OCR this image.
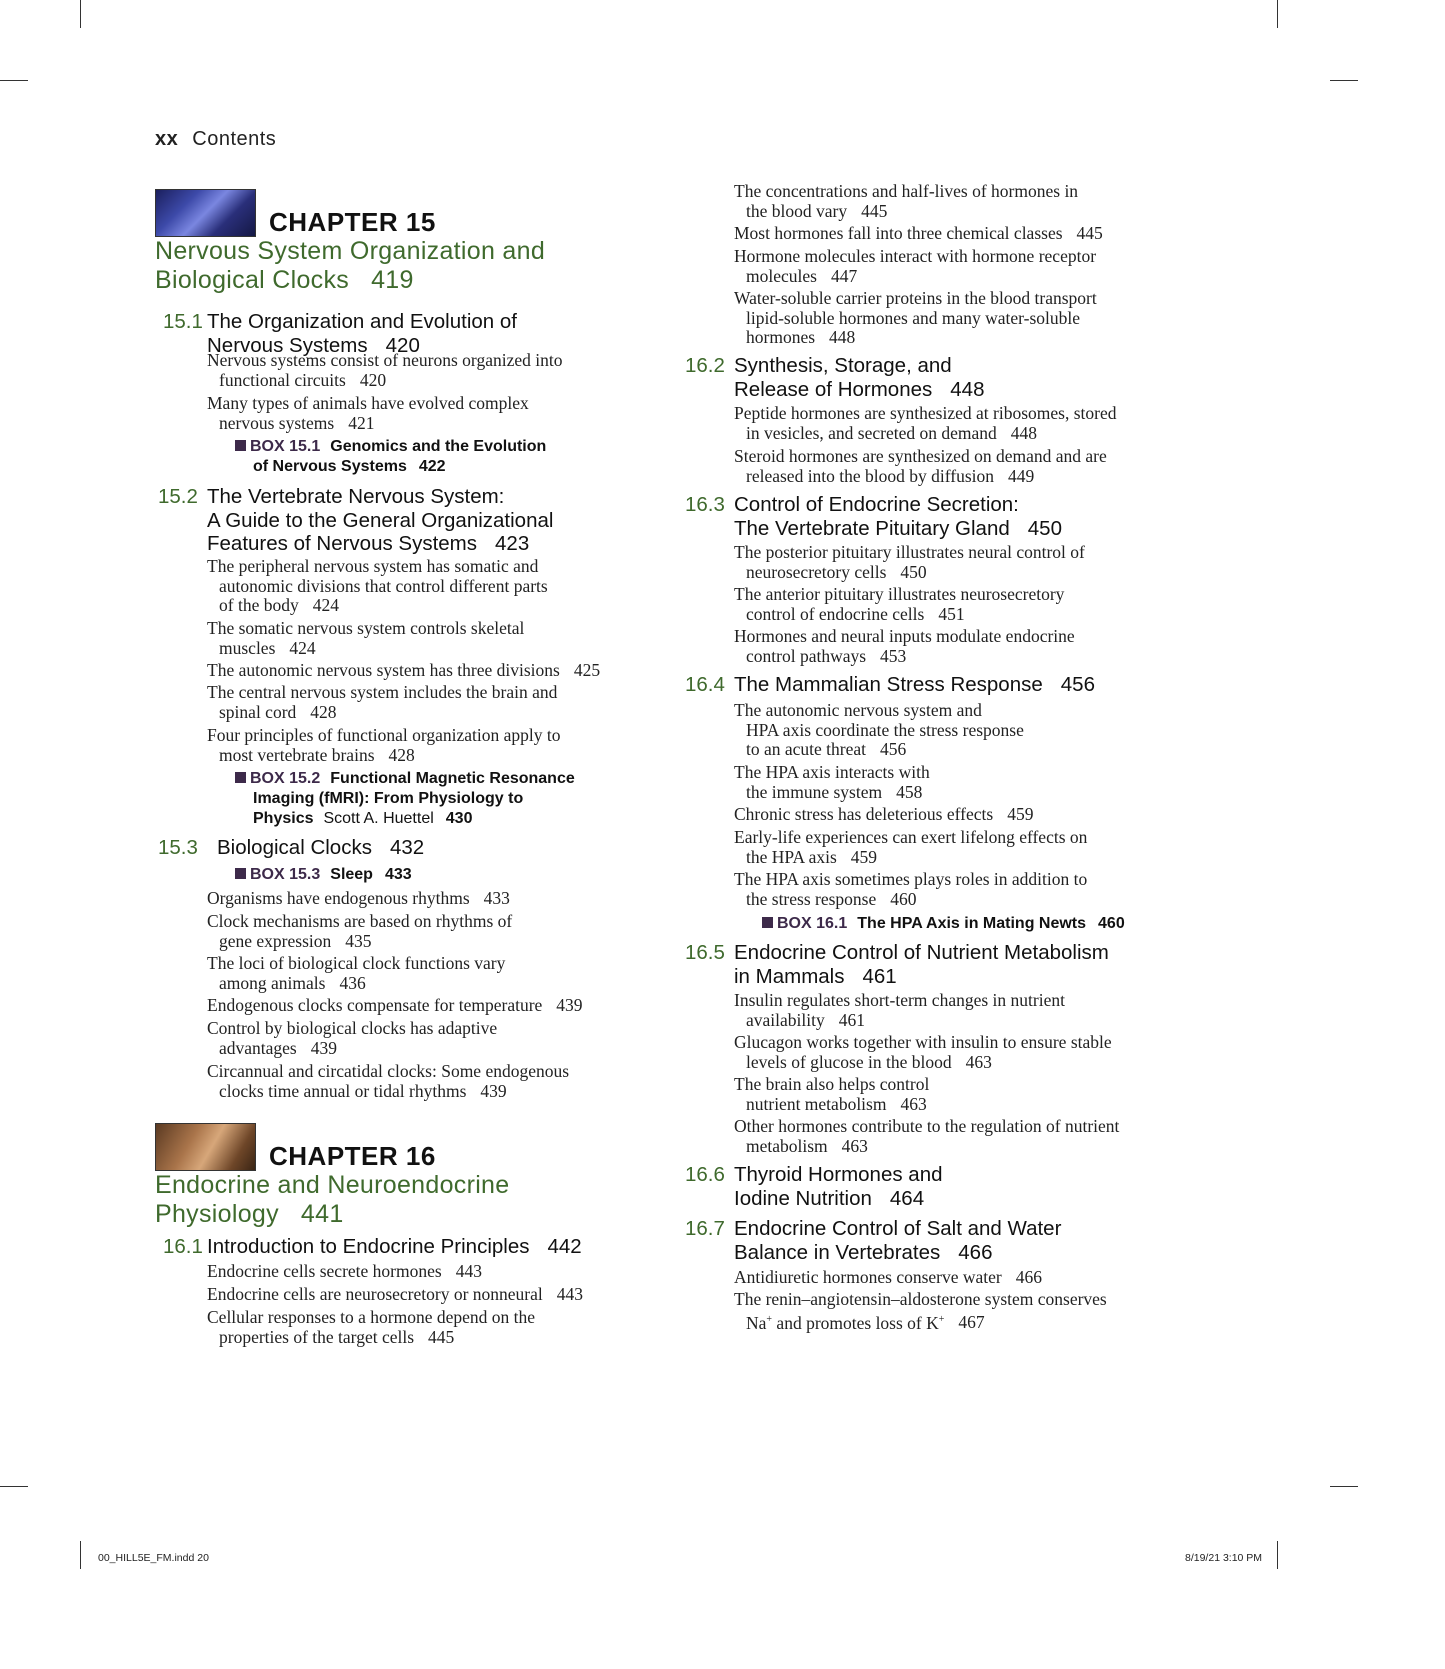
xx Contents
CHAPTER 15
Nervous System Organization and
Biological Clocks 419
15.1 The Organization and Evolution of
Nervous Systems 420
Nervous systems consist of neurons organized into
functional circuits 420
Many types of animals have evolved complex
nervous systems 421
BOX 15.1 Genomics and the Evolution
of Nervous Systems 422
15.2 The Vertebrate Nervous System:
A Guide to the General Organizational
Features of Nervous Systems 423
The peripheral nervous system has somatic and
autonomic divisions that control different parts
of the body 424
The somatic nervous system controls skeletal
muscles 424
The autonomic nervous system has three divisions 425
The central nervous system includes the brain and
spinal cord 428
Four principles of functional organization apply to
most vertebrate brains 428
BOX 15.2 Functional Magnetic Resonance
Imaging (fMRI): From Physiology to
Physics Scott A. Huettel 430
15.3 Biological Clocks 432
BOX 15.3 Sleep 433
Organisms have endogenous rhythms 433
Clock mechanisms are based on rhythms of
gene expression 435
The loci of biological clock functions vary
among animals 436
Endogenous clocks compensate for temperature 439
Control by biological clocks has adaptive
advantages 439
Circannual and circatidal clocks: Some endogenous
clocks time annual or tidal rhythms 439
CHAPTER 16
Endocrine and Neuroendocrine
Physiology 441
16.1 Introduction to Endocrine Principles 442
Endocrine cells secrete hormones 443
Endocrine cells are neurosecretory or nonneural 443
Cellular responses to a hormone depend on the
properties of the target cells 445
The concentrations and half-lives of hormones in
the blood vary 445
Most hormones fall into three chemical classes 445
Hormone molecules interact with hormone receptor
molecules 447
Water-soluble carrier proteins in the blood transport
lipid-soluble hormones and many water-soluble
hormones 448
16.2 Synthesis, Storage, and
Release of Hormones 448
Peptide hormones are synthesized at ribosomes, stored
in vesicles, and secreted on demand 448
Steroid hormones are synthesized on demand and are
released into the blood by diffusion 449
16.3 Control of Endocrine Secretion:
The Vertebrate Pituitary Gland 450
The posterior pituitary illustrates neural control of
neurosecretory cells 450
The anterior pituitary illustrates neurosecretory
control of endocrine cells 451
Hormones and neural inputs modulate endocrine
control pathways 453
16.4 The Mammalian Stress Response 456
The autonomic nervous system and
HPA axis coordinate the stress response
to an acute threat 456
The HPA axis interacts with
the immune system 458
Chronic stress has deleterious effects 459
Early-life experiences can exert lifelong effects on
the HPA axis 459
The HPA axis sometimes plays roles in addition to
the stress response 460
BOX 16.1 The HPA Axis in Mating Newts 460
16.5 Endocrine Control of Nutrient Metabolism
in Mammals 461
Insulin regulates short-term changes in nutrient
availability 461
Glucagon works together with insulin to ensure stable
levels of glucose in the blood 463
The brain also helps control
nutrient metabolism 463
Other hormones contribute to the regulation of nutrient
metabolism 463
16.6 Thyroid Hormones and
Iodine Nutrition 464
16.7 Endocrine Control of Salt and Water
Balance in Vertebrates 466
Antidiuretic hormones conserve water 466
The renin–angiotensin–aldosterone system conserves
Na+ and promotes loss of K+ 467
00_HILL5E_FM.indd 20	8/19/21 3:10 PM
